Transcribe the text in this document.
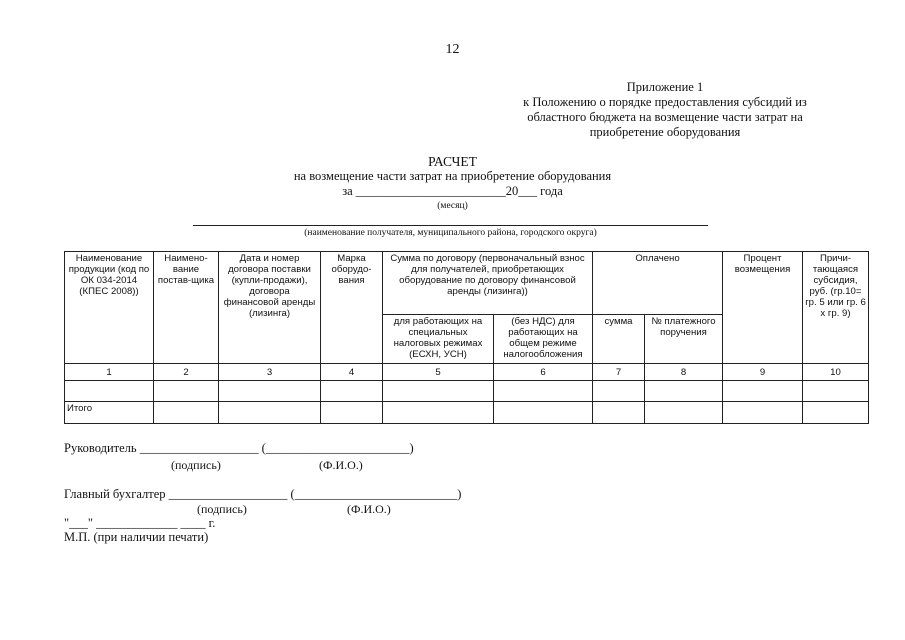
12
Приложение 1
к Положению о порядке предоставления субсидий из
областного бюджета на возмещение части затрат на
приобретение оборудования
РАСЧЕТ
на возмещение части затрат на приобретение оборудования
за ________________________20___ года
(месяц)
(наименование получателя, муниципального района, городского округа)
Наименование продукции (код по ОК 034-2014 (КПЕС 2008))	Наимено-вание постав-щика	Дата и номер договора поставки (купли-продажи), договора финансовой аренды (лизинга)	Марка оборудо-вания	Сумма по договору (первоначальный взнос для получателей, приобретающих оборудование по договору финансовой аренды (лизинга))		Оплачено		Процент возмещения	Причи-тающаяся субсидия, руб. (гр.10= гр. 5 или гр. 6 х гр. 9)
				для работающих на специальных налоговых режимах (ЕСХН, УСН)	(без НДС) для работающих на общем режиме налогообложения	сумма	№ платежного поручения		
1	2	3	4	5	6	7	8	9	10

Итого									
Руководитель ___________________ (_______________________)
(подпись)	(Ф.И.О.)
Главный бухгалтер ___________________ (__________________________)
(подпись)	(Ф.И.О.)
"___" _____________ ____ г.
М.П. (при наличии печати)
